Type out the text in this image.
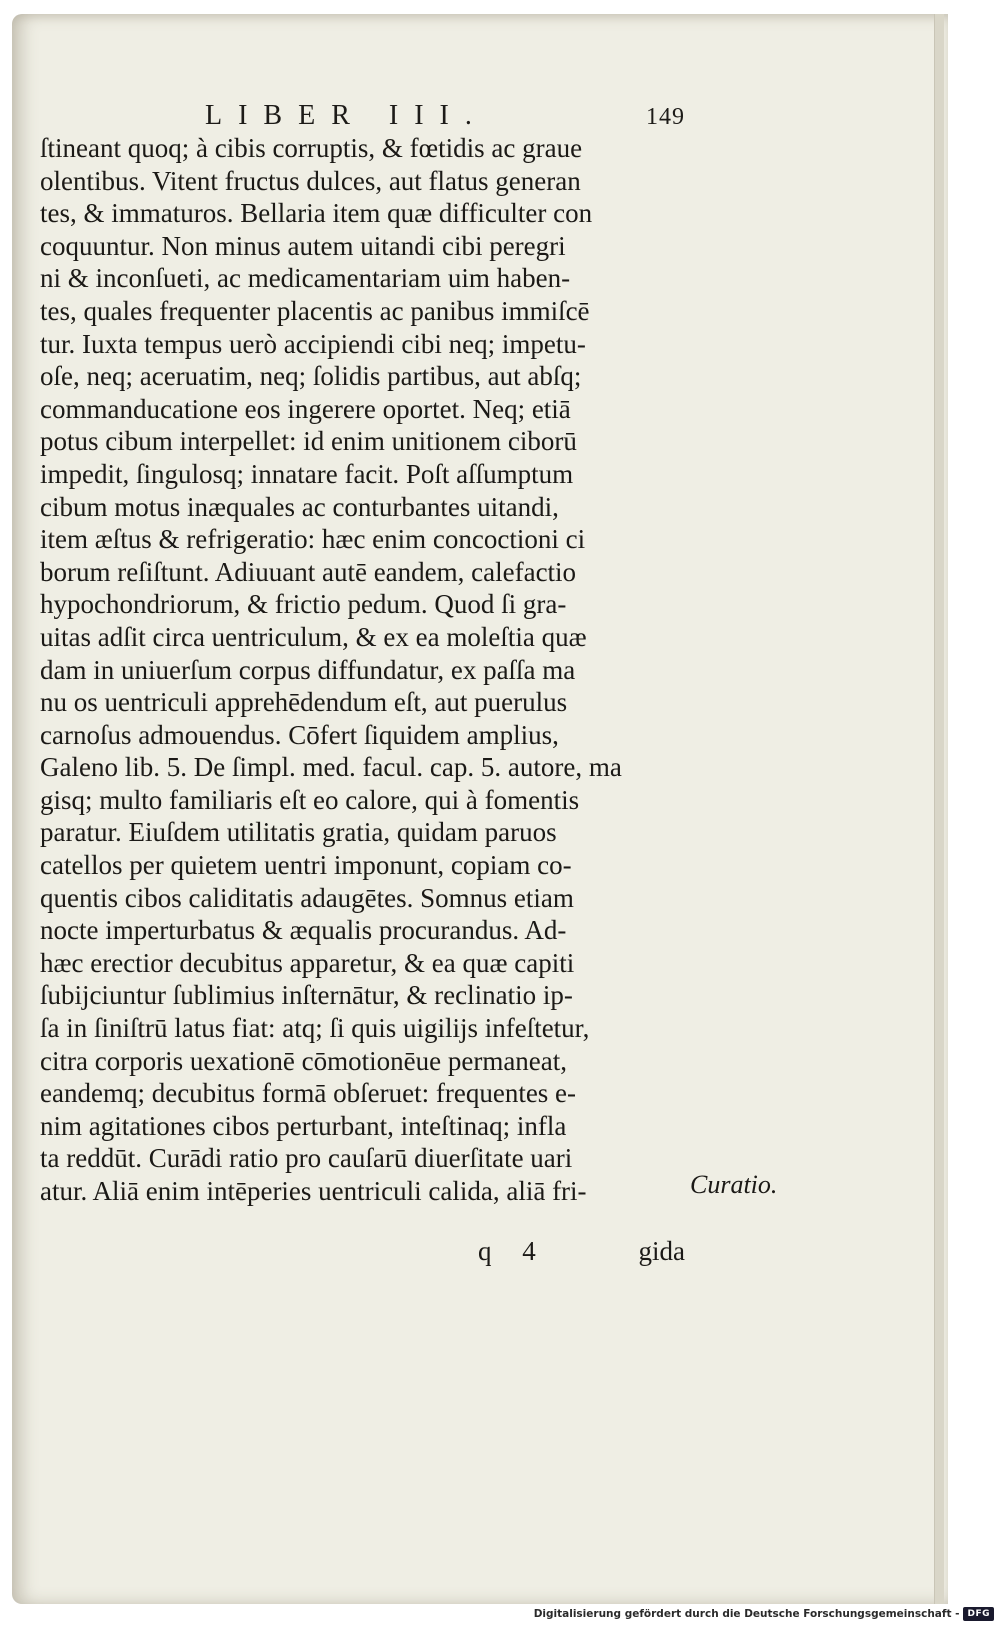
LIBER III.	149
ſtineant quoq; à cibis corruptis, & fœtidis ac graue
olentibus. Vitent fructus dulces, aut flatus generan
tes, & immaturos. Bellaria item quæ difficulter con
coquuntur. Non minus autem uitandi cibi peregri
ni & inconſueti, ac medicamentariam uim haben-
tes, quales frequenter placentis ac panibus immiſcē
tur. Iuxta tempus uerò accipiendi cibi neq; impetu-
oſe, neq; aceruatim, neq; ſolidis partibus, aut abſq;
commanducatione eos ingerere oportet. Neq; etiā
potus cibum interpellet: id enim unitionem ciborū
impedit, ſingulosq; innatare facit. Poſt aſſumptum
cibum motus inæquales ac conturbantes uitandi,
item æſtus & refrigeratio: hæc enim concoctioni ci
borum reſiſtunt. Adiuuant autē eandem, calefactio
hypochondriorum, & frictio pedum. Quod ſi gra-
uitas adſit circa uentriculum, & ex ea moleſtia quæ
dam in uniuerſum corpus diffundatur, ex paſſa ma
nu os uentriculi apprehēdendum eſt, aut puerulus
carnoſus admouendus. Cōfert ſiquidem amplius,
Galeno lib. 5. De ſimpl. med. facul. cap. 5. autore, ma
gisq; multo familiaris eſt eo calore, qui à fomentis
paratur. Eiuſdem utilitatis gratia, quidam paruos
catellos per quietem uentri imponunt, copiam co-
quentis cibos caliditatis adaugētes. Somnus etiam
nocte imperturbatus & æqualis procurandus. Ad-
hæc erectior decubitus apparetur, & ea quæ capiti
ſubijciuntur ſublimius inſternātur, & reclinatio ip-
ſa in ſiniſtrū latus fiat: atq; ſi quis uigilijs infeſtetur,
citra corporis uexationē cōmotionēue permaneat,
eandemq; decubitus formā obſeruet: frequentes e-
nim agitationes cibos perturbant, inteſtinaq; infla
ta reddūt. Curādi ratio pro cauſarū diuerſitate uari
atur. Aliā enim intēperies uentriculi calida, aliā fri-	Curatio.
q 4	gida
Digitalisierung gefördert durch die Deutsche Forschungsgemeinschaft - DFG
